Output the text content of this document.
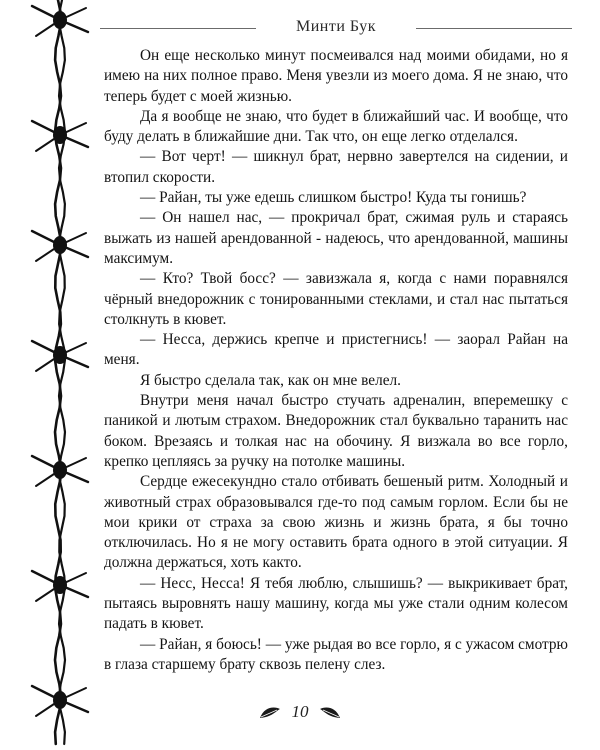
Минти Бук

Он еще несколько минут посмеивался над моими обидами, но я имею на них полное право. Меня увезли из моего дома. Я не знаю, что теперь будет с моей жизнью.

Да я вообще не знаю, что будет в ближайший час. И вообще, что буду делать в ближайшие дни. Так что, он еще легко отделался.

— Вот черт! — шикнул брат, нервно завертелся на сидении, и втопил скорости.

— Райан, ты уже едешь слишком быстро! Куда ты гонишь?

— Он нашел нас, — прокричал брат, сжимая руль и стараясь выжать из нашей арендованной - надеюсь, что арендованной, машины максимум.

— Кто? Твой босс? — завизжала я, когда с нами поравнялся чёрный внедорожник с тонированными стеклами, и стал нас пытаться столкнуть в кювет.

— Несса, держись крепче и пристегнись! — заорал Райан на меня.

Я быстро сделала так, как он мне велел.

Внутри меня начал быстро стучать адреналин, вперемешку с паникой и лютым страхом. Внедорожник стал буквально таранить нас боком. Врезаясь и толкая нас на обочину. Я визжала во все горло, крепко цепляясь за ручку на потолке машины.

Сердце ежесекундно стало отбивать бешеный ритм. Холодный и животный страх образовывался где-то под самым горлом. Если бы не мои крики от страха за свою жизнь и жизнь брата, я бы точно отключилась. Но я не могу оставить брата одного в этой ситуации. Я должна держаться, хоть както.

— Несс, Несса! Я тебя люблю, слышишь? — выкрикивает брат, пытаясь выровнять нашу машину, когда мы уже стали одним колесом падать в кювет.

— Райан, я боюсь! — уже рыдая во все горло, я с ужасом смотрю в глаза старшему брату сквозь пелену слез.

10
